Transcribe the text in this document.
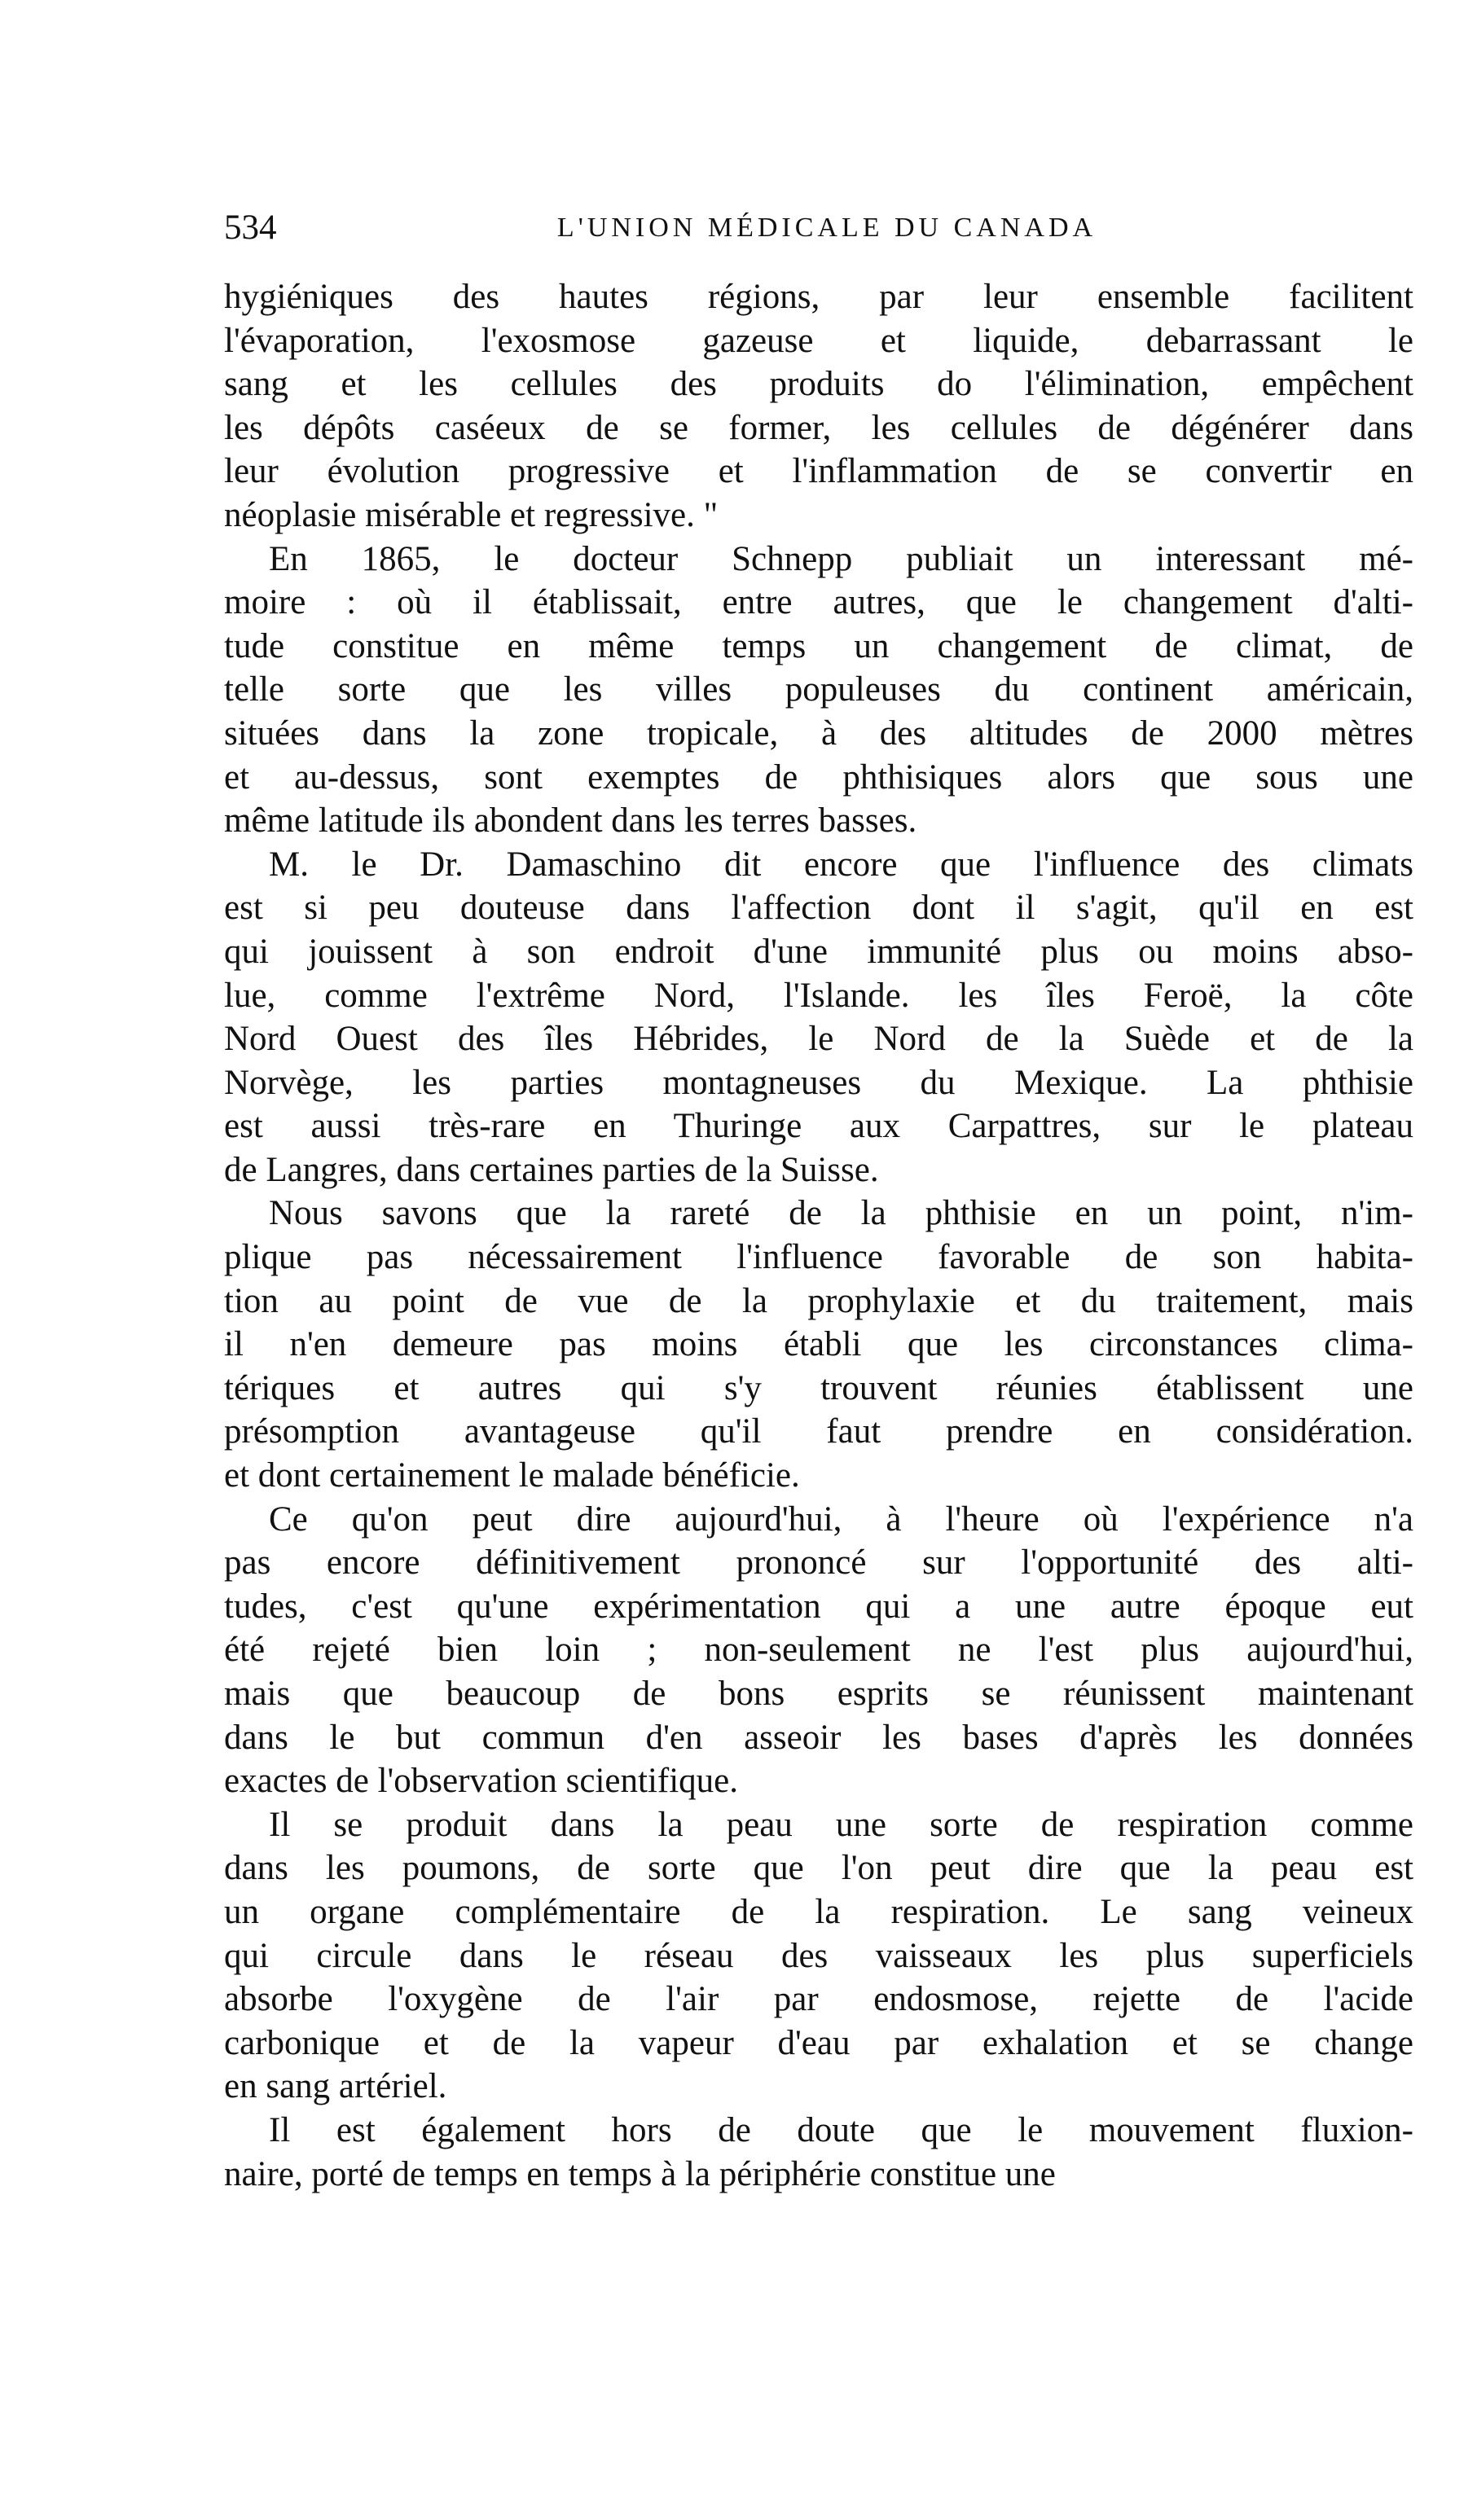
534	L'UNION MÉDICALE DU CANADA
hygiéniques des hautes régions, par leur ensemble facilitent
l'évaporation, l'exosmose gazeuse et liquide, debarrassant le
sang et les cellules des produits do l'élimination, empêchent
les dépôts caséeux de se former, les cellules de dégénérer dans
leur évolution progressive et l'inflammation de se convertir en
néoplasie misérable et regressive. "
En 1865, le docteur Schnepp publiait un interessant mé-
moire : où il établissait, entre autres, que le changement d'alti-
tude constitue en même temps un changement de climat, de
telle sorte que les villes populeuses du continent américain,
situées dans la zone tropicale, à des altitudes de 2000 mètres
et au-dessus, sont exemptes de phthisiques alors que sous une
même latitude ils abondent dans les terres basses.
M. le Dr. Damaschino dit encore que l'influence des climats
est si peu douteuse dans l'affection dont il s'agit, qu'il en est
qui jouissent à son endroit d'une immunité plus ou moins abso-
lue, comme l'extrême Nord, l'Islande. les îles Feroë, la côte
Nord Ouest des îles Hébrides, le Nord de la Suède et de la
Norvège, les parties montagneuses du Mexique. La phthisie
est aussi très-rare en Thuringe aux Carpattres, sur le plateau
de Langres, dans certaines parties de la Suisse.
Nous savons que la rareté de la phthisie en un point, n'im-
plique pas nécessairement l'influence favorable de son habita-
tion au point de vue de la prophylaxie et du traitement, mais
il n'en demeure pas moins établi que les circonstances clima-
tériques et autres qui s'y trouvent réunies établissent une
présomption avantageuse qu'il faut prendre en considération.
et dont certainement le malade bénéficie.
Ce qu'on peut dire aujourd'hui, à l'heure où l'expérience n'a
pas encore définitivement prononcé sur l'opportunité des alti-
tudes, c'est qu'une expérimentation qui a une autre époque eut
été rejeté bien loin ; non-seulement ne l'est plus aujourd'hui,
mais que beaucoup de bons esprits se réunissent maintenant
dans le but commun d'en asseoir les bases d'après les données
exactes de l'observation scientifique.
Il se produit dans la peau une sorte de respiration comme
dans les poumons, de sorte que l'on peut dire que la peau est
un organe complémentaire de la respiration. Le sang veineux
qui circule dans le réseau des vaisseaux les plus superficiels
absorbe l'oxygène de l'air par endosmose, rejette de l'acide
carbonique et de la vapeur d'eau par exhalation et se change
en sang artériel.
Il est également hors de doute que le mouvement fluxion-
naire, porté de temps en temps à la périphérie constitue une
